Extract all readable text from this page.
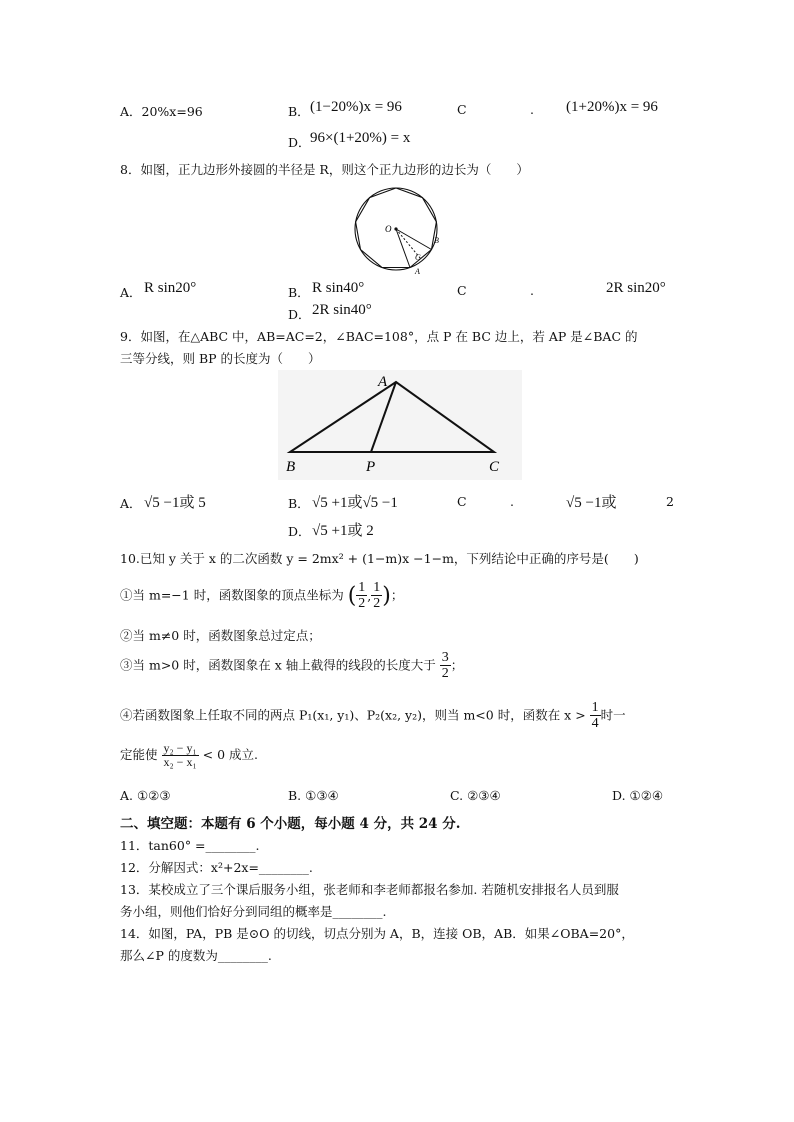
A．20%x=96	B． (1−20%)x = 96	C	. (1+20%)x = 96
D． 96×(1+20%) = x
8．如图，正九边形外接圆的半径是 R，则这个正九边形的边长为（　　）
O
B
C
A
A． R sin20°	B． R sin40°	C	.	2R sin20°
D． 2R sin40°
9．如图，在△ABC 中，AB=AC=2，∠BAC=108°，点 P 在 BC 边上，若 AP 是∠BAC 的
三等分线，则 BP 的长度为（　　）
A
B	P	C
A． √5 −1或 5	B． √5 +1或√5 −1	C	.	√5 −1或	2
D． √5 +1或 2
10.已知 y 关于 x 的二次函数 y = 2mx² + (1−m)x −1−m，下列结论中正确的序号是(　　)
①当 m=−1 时，函数图象的顶点坐标为 ( $\frac{1}{2}$ , $\frac{1}{2}$ )；
②当 m≠0 时，函数图象总过定点；
③当 m>0 时，函数图象在 x 轴上截得的线段的长度大于 $\frac{3}{2}$ ；
④若函数图象上任取不同的两点 P₁(x₁, y₁)、P₂(x₂, y₂)，则当 m<0 时，函数在 $x > \frac{1}{4}$ 时一
定能使 $\frac{\text{y₂ − y₁}}{\text{x₂ − x₁}} < 0$ 成立.
A. ①②③	B. ①③④	C. ②③④	D. ①②④
二、填空题：本题有 6 个小题，每小题 4 分，共 24 分.
11．tan60° =________.
12．分解因式：x²+2x=________.
13．某校成立了三个课后服务小组，张老师和李老师都报名参加. 若随机安排报名人员到服
务小组，则他们恰好分到同组的概率是________.
14．如图，PA，PB 是⊙O 的切线，切点分别为 A，B，连接 OB，AB．如果∠OBA=20°，
那么∠P 的度数为________.
